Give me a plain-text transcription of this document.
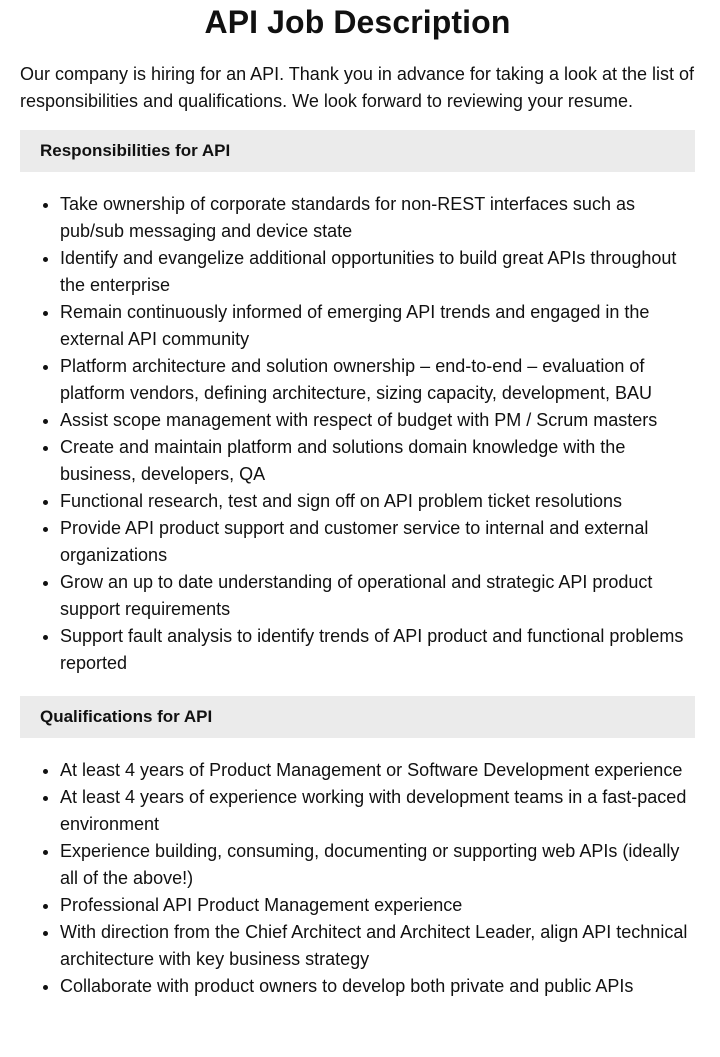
API Job Description

Our company is hiring for an API. Thank you in advance for taking a look at the list of responsibilities and qualifications. We look forward to reviewing your resume.

Responsibilities for API
• Take ownership of corporate standards for non-REST interfaces such as pub/sub messaging and device state
• Identify and evangelize additional opportunities to build great APIs throughout the enterprise
• Remain continuously informed of emerging API trends and engaged in the external API community
• Platform architecture and solution ownership – end-to-end – evaluation of platform vendors, defining architecture, sizing capacity, development, BAU
• Assist scope management with respect of budget with PM / Scrum masters
• Create and maintain platform and solutions domain knowledge with the business, developers, QA
• Functional research, test and sign off on API problem ticket resolutions
• Provide API product support and customer service to internal and external organizations
• Grow an up to date understanding of operational and strategic API product support requirements
• Support fault analysis to identify trends of API product and functional problems reported
Qualifications for API
• At least 4 years of Product Management or Software Development experience
• At least 4 years of experience working with development teams in a fast-paced environment
• Experience building, consuming, documenting or supporting web APIs (ideally all of the above!)
• Professional API Product Management experience
• With direction from the Chief Architect and Architect Leader, align API technical architecture with key business strategy
• Collaborate with product owners to develop both private and public APIs
